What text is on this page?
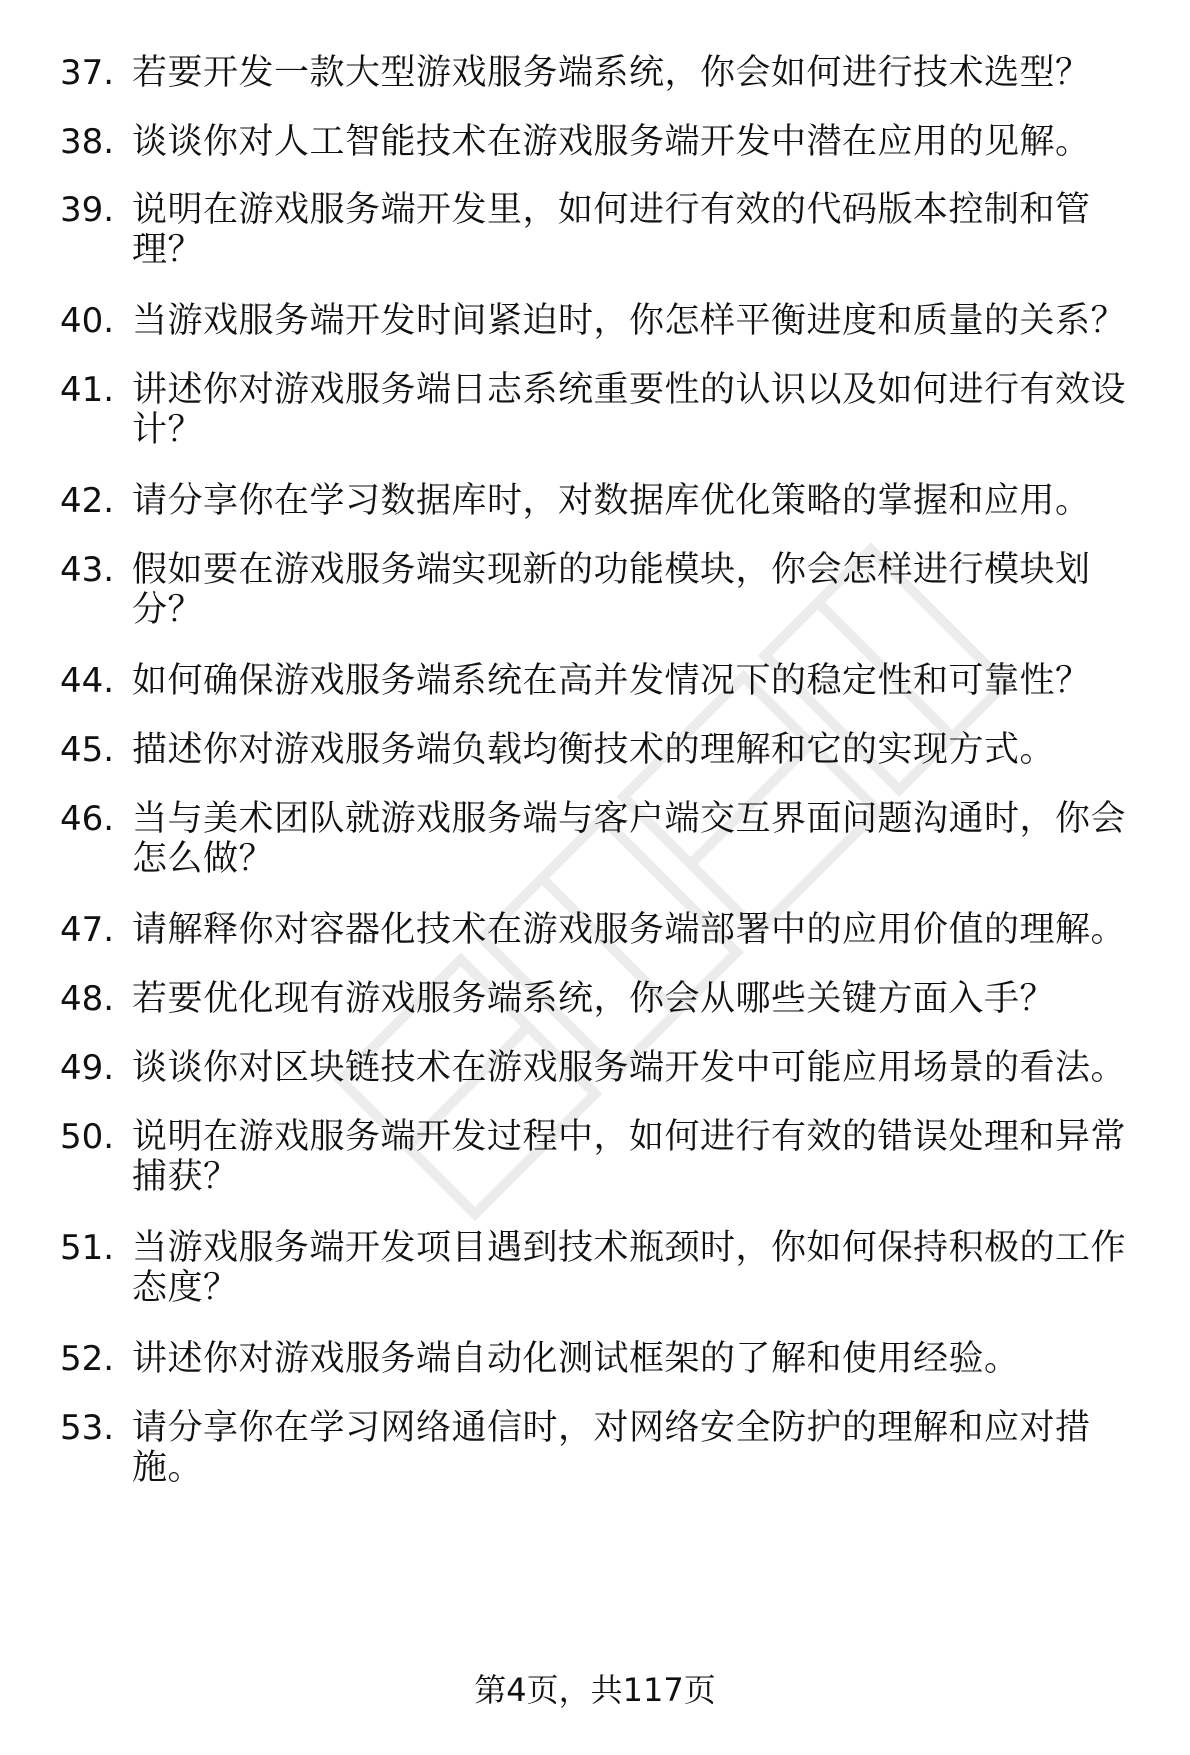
37. 若要开发一款大型游戏服务端系统，你会如何进行技术选型？
38. 谈谈你对人工智能技术在游戏服务端开发中潜在应用的见解。
39. 说明在游戏服务端开发里，如何进行有效的代码版本控制和管理？
40. 当游戏服务端开发时间紧迫时，你怎样平衡进度和质量的关系？
41. 讲述你对游戏服务端日志系统重要性的认识以及如何进行有效设计？
42. 请分享你在学习数据库时，对数据库优化策略的掌握和应用。
43. 假如要在游戏服务端实现新的功能模块，你会怎样进行模块划分？
44. 如何确保游戏服务端系统在高并发情况下的稳定性和可靠性？
45. 描述你对游戏服务端负载均衡技术的理解和它的实现方式。
46. 当与美术团队就游戏服务端与客户端交互界面问题沟通时，你会怎么做？
47. 请解释你对容器化技术在游戏服务端部署中的应用价值的理解。
48. 若要优化现有游戏服务端系统，你会从哪些关键方面入手？
49. 谈谈你对区块链技术在游戏服务端开发中可能应用场景的看法。
50. 说明在游戏服务端开发过程中，如何进行有效的错误处理和异常捕获？
51. 当游戏服务端开发项目遇到技术瓶颈时，你如何保持积极的工作态度？
52. 讲述你对游戏服务端自动化测试框架的了解和使用经验。
53. 请分享你在学习网络通信时，对网络安全防护的理解和应对措施。
第4页，共117页
